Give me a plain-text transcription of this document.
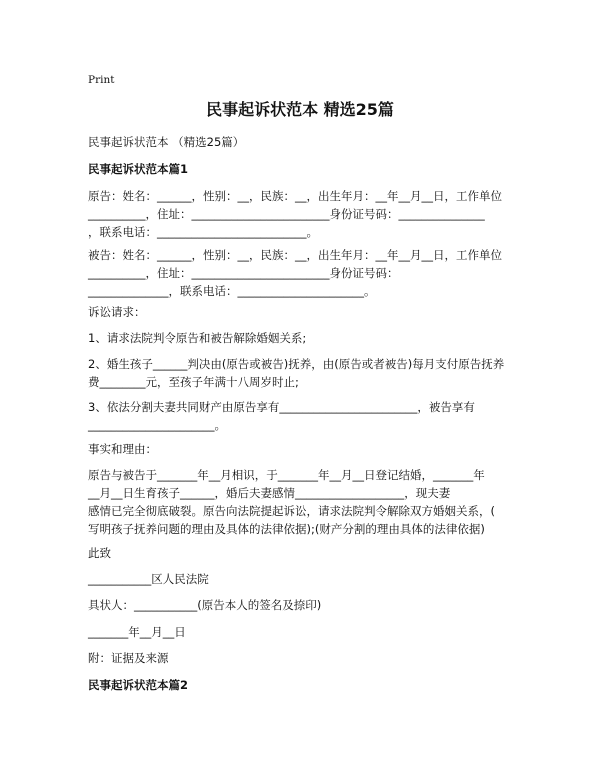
Print
民事起诉状范本 精选25篇
民事起诉状范本 （精选25篇）
民事起诉状范本篇1
原告：姓名：______，性别：__，民族：__，出生年月：__年__月__日，工作单位
__________，住址：________________________身份证号码：_______________
，联系电话：__________________________。
被告：姓名：______，性别：__，民族：__，出生年月：__年__月__日，工作单位
__________，住址：________________________身份证号码：
______________，联系电话：______________________。
诉讼请求：
1、请求法院判令原告和被告解除婚姻关系;
2、婚生孩子______判决由(原告或被告)抚养，由(原告或者被告)每月支付原告抚养
费________元，至孩子年满十八周岁时止;
3、依法分割夫妻共同财产由原告享有________________________，被告享有
______________________。
事实和理由：
原告与被告于_______年__月相识，于_______年__月__日登记结婚，_______年
__月__日生育孩子______，婚后夫妻感情___________________，现夫妻
感情已完全彻底破裂。原告向法院提起诉讼，请求法院判令解除双方婚姻关系，(
写明孩子抚养问题的理由及具体的法律依据);(财产分割的理由具体的法律依据)
此致
___________区人民法院
具状人：___________(原告本人的签名及捺印)
_______年__月__日
附：证据及来源
民事起诉状范本篇2
